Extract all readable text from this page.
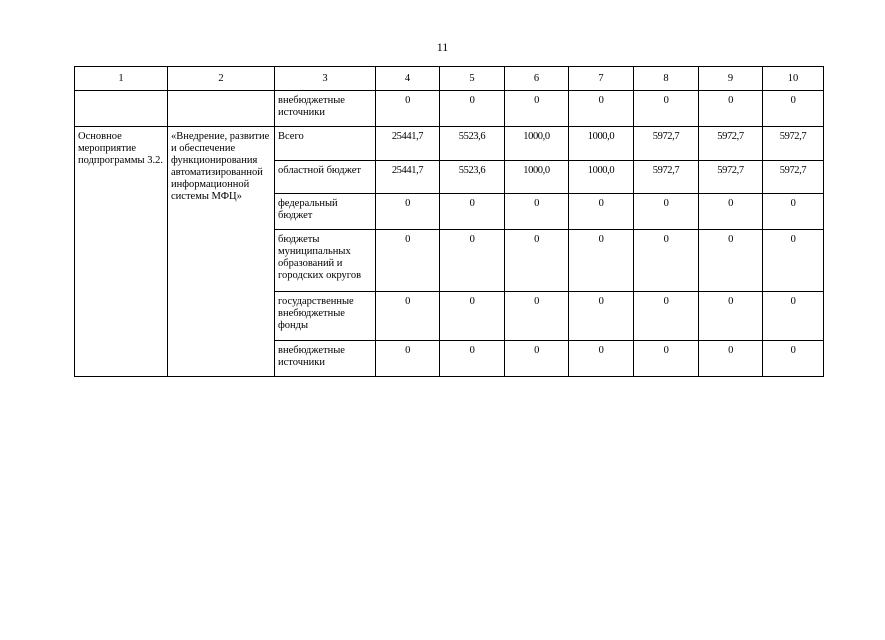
11
1	2	3	4	5	6	7	8	9	10
		внебюджетные источники	0	0	0	0	0	0	0
Основное мероприятие подпрограммы 3.2.	«Внедрение, развитие и обеспечение функционирования автоматизированной информационной системы МФЦ»	Всего	25441,7	5523,6	1000,0	1000,0	5972,7	5972,7	5972,7
		областной бюджет	25441,7	5523,6	1000,0	1000,0	5972,7	5972,7	5972,7
		федеральный бюджет	0	0	0	0	0	0	0
		бюджеты муниципальных образований и городских округов	0	0	0	0	0	0	0
		государственные внебюджетные фонды	0	0	0	0	0	0	0
		внебюджетные источники	0	0	0	0	0	0	0
